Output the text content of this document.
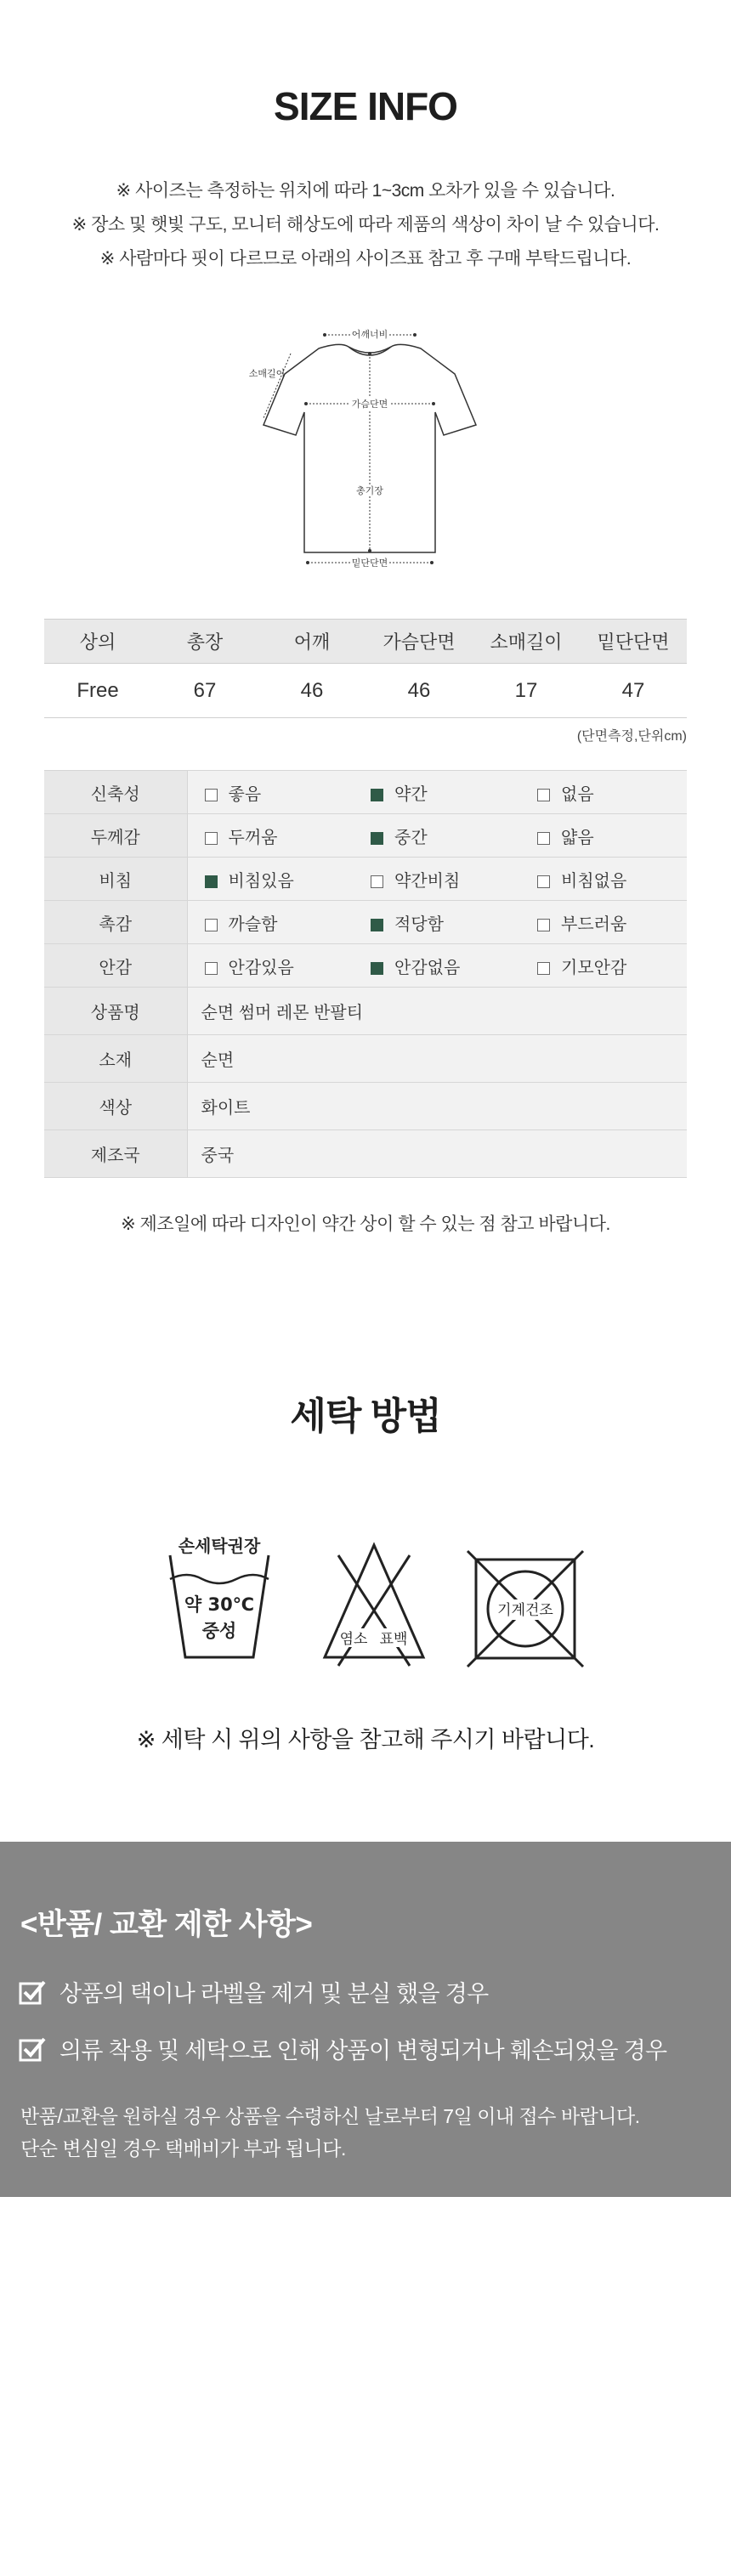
SIZE INFO
※ 사이즈는 측정하는 위치에 따라 1~3cm 오차가 있을 수 있습니다.
※ 장소 및 햇빛 구도, 모니터 해상도에 따라 제품의 색상이 차이 날 수 있습니다.
※ 사람마다 핏이 다르므로 아래의 사이즈표 참고 후 구매 부탁드립니다.
어깨너비
가슴단면
총기장
밑단단면
소매길이
상의	총장	어깨	가슴단면	소매길이	밑단단면
Free	67	46	46	17	47
(단면측정,단위cm)
신축성	좋음	약간	없음
두께감	두꺼움	중간	얇음
비침	비침있음	약간비침	비침없음
촉감	까슬함	적당함	부드러움
안감	안감있음	안감없음	기모안감
상품명	순면 썸머 레몬 반팔티		
소재	순면		
색상	화이트		
제조국	중국		
※ 제조일에 따라 디자인이 약간 상이 할 수 있는 점 참고 바랍니다.
세탁 방법
손세탁권장
약 30℃
중성	염소 표백
기계건조
※ 세탁 시 위의 사항을 참고해 주시기 바랍니다.
<반품/ 교환 제한 사항>
상품의 택이나 라벨을 제거 및 분실 했을 경우
의류 착용 및 세탁으로 인해 상품이 변형되거나 훼손되었을 경우
반품/교환을 원하실 경우 상품을 수령하신 날로부터 7일 이내 접수 바랍니다.
단순 변심일 경우 택배비가 부과 됩니다.
